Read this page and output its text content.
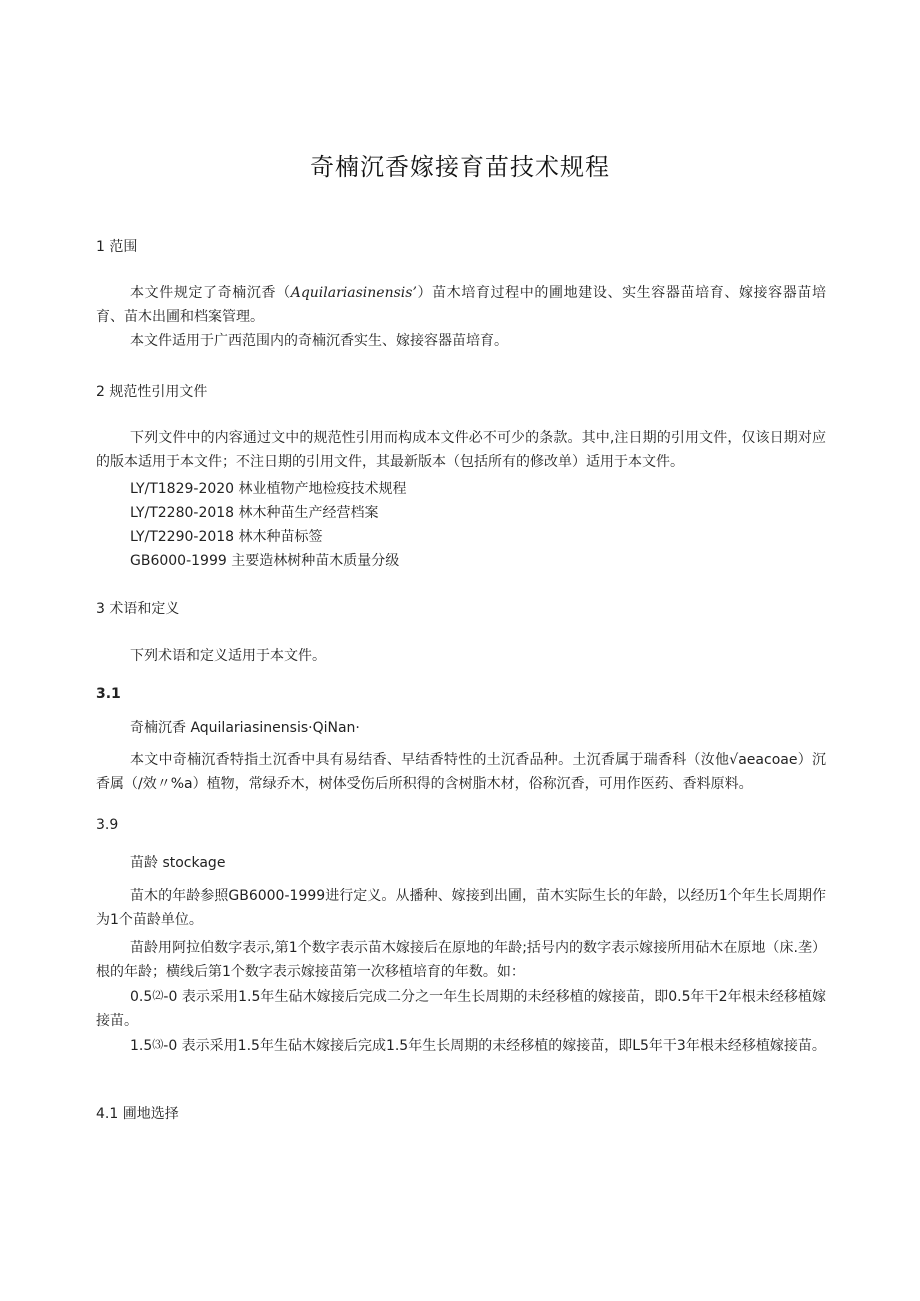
奇楠沉香嫁接育苗技术规程
1 范围
本文件规定了奇楠沉香（Aquilariasinensis’）苗木培育过程中的圃地建设、实生容器苗培育、嫁接容器苗培育、苗木出圃和档案管理。
本文件适用于广西范围内的奇楠沉香实生、嫁接容器苗培育。
2 规范性引用文件
下列文件中的内容通过文中的规范性引用而构成本文件必不可少的条款。其中,注日期的引用文件，仅该日期对应的版本适用于本文件；不注日期的引用文件，其最新版本（包括所有的修改单）适用于本文件。
LY/T1829-2020 林业植物产地检疫技术规程
LY/T2280-2018 林木种苗生产经营档案
LY/T2290-2018 林木种苗标签
GB6000-1999 主要造林树种苗木质量分级
3 术语和定义
下列术语和定义适用于本文件。
3.1
奇楠沉香 Aquilariasinensis·QiNan·
本文中奇楠沉香特指土沉香中具有易结香、早结香特性的土沉香品种。土沉香属于瑞香科（汝他√aeacoae）沉香属（/效〃%a）植物，常绿乔木，树体受伤后所积得的含树脂木材，俗称沉香，可用作医药、香料原料。
3.9
苗龄 stockage
苗木的年龄参照GB6000-1999进行定义。从播种、嫁接到出圃，苗木实际生长的年龄，以经历1个年生长周期作为1个苗龄单位。
苗龄用阿拉伯数字表示,第1个数字表示苗木嫁接后在原地的年龄;括号内的数字表示嫁接所用砧木在原地（床.垄）根的年龄；横线后第1个数字表示嫁接苗第一次移植培育的年数。如：
0.5⑵-0 表示采用1.5年生砧木嫁接后完成二分之一年生长周期的未经移植的嫁接苗，即0.5年干2年根未经移植嫁接苗。
1.5⑶-0 表示采用1.5年生砧木嫁接后完成1.5年生长周期的未经移植的嫁接苗，即L5年干3年根未经移植嫁接苗。
4.1 圃地选择
